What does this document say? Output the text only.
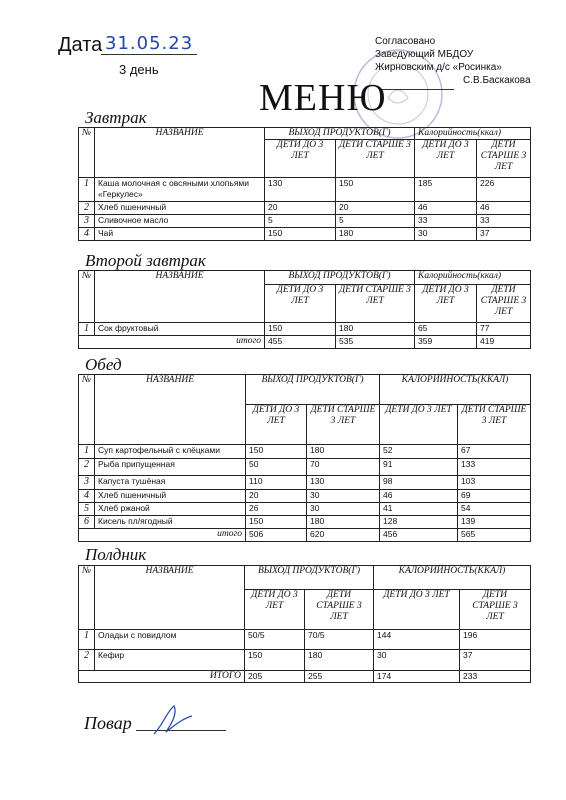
Дата 31.05.23
3 день
Согласовано
Заведующий МБДОУ
Жирновским д/с «Росинка»
С.В.Баскакова
МЕНЮ
Завтрак
№	НАЗВАНИЕ	ВЫХОД ПРОДУКТОВ(Г)		Калорийность(ккал)	
		ДЕТИ ДО 3 ЛЕТ	ДЕТИ СТАРШЕ 3 ЛЕТ	ДЕТИ ДО 3 ЛЕТ	ДЕТИ СТАРШЕ 3 ЛЕТ
1	Каша молочная с овсяными хлопьями «Геркулес»	130	150	185	226
2	Хлеб пшеничный	20	20	46	46
3	Сливочное масло	5	5	33	33
4	Чай	150	180	30	37
Второй завтрак
№	НАЗВАНИЕ	ВЫХОД ПРОДУКТОВ(Г)		Калорийность(ккал)	
		ДЕТИ ДО 3 ЛЕТ	ДЕТИ СТАРШЕ 3 ЛЕТ	ДЕТИ ДО 3 ЛЕТ	ДЕТИ СТАРШЕ 3 ЛЕТ
1	Сок фруктовый	150	180	65	77
итого		455	535	359	419
Обед
№	НАЗВАНИЕ	ВЫХОД ПРОДУКТОВ(Г)		КАЛОРИЙНОСТЬ(ККАЛ)	
		ДЕТИ ДО 3 ЛЕТ	ДЕТИ СТАРШЕ 3 ЛЕТ	ДЕТИ ДО 3 ЛЕТ	ДЕТИ СТАРШЕ 3 ЛЕТ
1	Суп картофельный с клёцками	150	180	52	67
2	Рыба припущенная	50	70	91	133
3	Капуста тушёная	110	130	98	103
4	Хлеб пшеничный	20	30	46	69
5	Хлеб ржаной	26	30	41	54
6	Кисель пл/ягодный	150	180	128	139
итого		506	620	456	565
Полдник
№	НАЗВАНИЕ	ВЫХОД ПРОДУКТОВ(Г)		КАЛОРИЙНОСТЬ(ККАЛ)	
		ДЕТИ ДО 3 ЛЕТ	ДЕТИ СТАРШЕ 3 ЛЕТ	ДЕТИ ДО 3 ЛЕТ	ДЕТИ СТАРШЕ 3 ЛЕТ
1	Оладьи с повидлом	50/5	70/5	144	196
2	Кефир	150	180	30	37
ИТОГО		205	255	174	233
Повар
